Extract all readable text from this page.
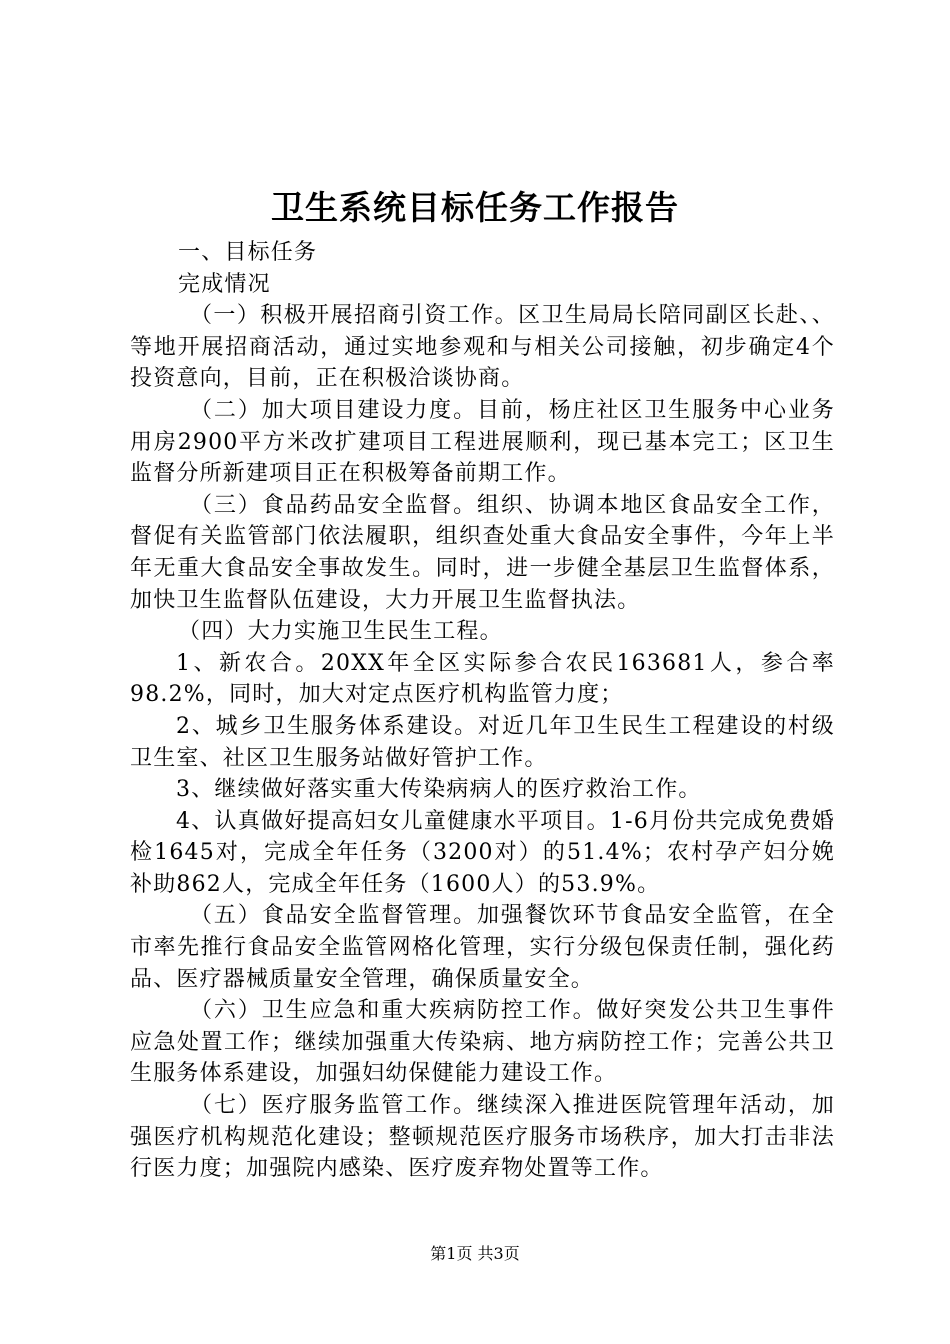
卫生系统目标任务工作报告

一、目标任务

完成情况

（一）积极开展招商引资工作。区卫生局局长陪同副区长赴、、等地开展招商活动，通过实地参观和与相关公司接触，初步确定4个投资意向，目前，正在积极洽谈协商。

（二）加大项目建设力度。目前，杨庄社区卫生服务中心业务用房2900平方米改扩建项目工程进展顺利，现已基本完工；区卫生监督分所新建项目正在积极筹备前期工作。

（三）食品药品安全监督。组织、协调本地区食品安全工作，督促有关监管部门依法履职，组织查处重大食品安全事件，今年上半年无重大食品安全事故发生。同时，进一步健全基层卫生监督体系，加快卫生监督队伍建设，大力开展卫生监督执法。

（四）大力实施卫生民生工程。

1、新农合。20XX年全区实际参合农民163681人，参合率98.2%，同时，加大对定点医疗机构监管力度；

2、城乡卫生服务体系建设。对近几年卫生民生工程建设的村级卫生室、社区卫生服务站做好管护工作。

3、继续做好落实重大传染病病人的医疗救治工作。

4、认真做好提高妇女儿童健康水平项目。1-6月份共完成免费婚检1645对，完成全年任务（3200对）的51.4%；农村孕产妇分娩补助862人，完成全年任务（1600人）的53.9%。

（五）食品安全监督管理。加强餐饮环节食品安全监管，在全市率先推行食品安全监管网格化管理，实行分级包保责任制，强化药品、医疗器械质量安全管理，确保质量安全。

（六）卫生应急和重大疾病防控工作。做好突发公共卫生事件应急处置工作；继续加强重大传染病、地方病防控工作；完善公共卫生服务体系建设，加强妇幼保健能力建设工作。

（七）医疗服务监管工作。继续深入推进医院管理年活动，加强医疗机构规范化建设；整顿规范医疗服务市场秩序，加大打击非法行医力度；加强院内感染、医疗废弃物处置等工作。

第1页 共3页
